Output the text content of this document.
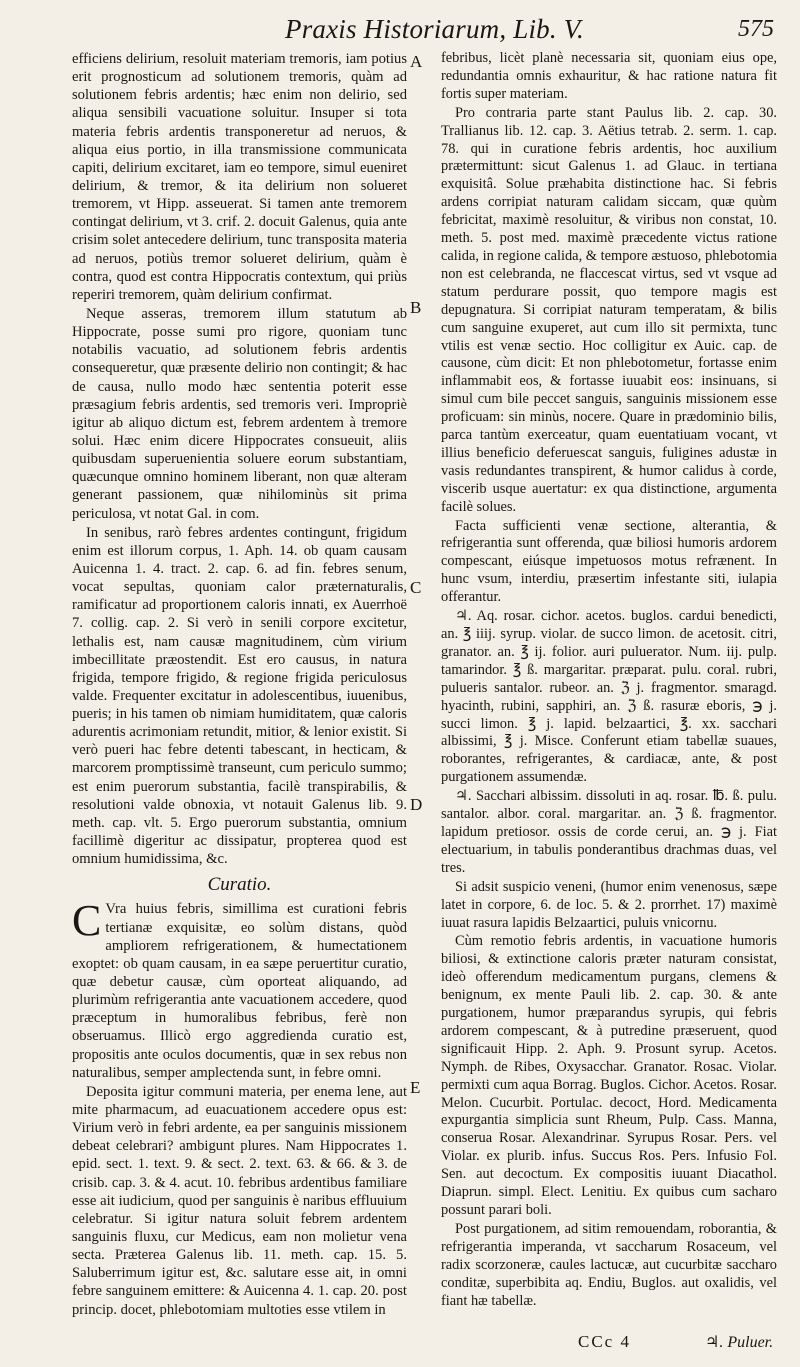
Praxis Historiarum, Lib. V.	575

efficiens delirium, resoluit materiam tremoris, iam potius erit prognosticum ad solutionem tremoris, quàm ad solutionem febris ardentis; hæc enim non delirio, sed aliqua sensibili vacuatione soluitur. Insuper si tota materia febris ardentis transponeretur ad neruos, & aliqua eius portio, in illa transmissione communicata capiti, delirium excitaret, iam eo tempore, simul eueniret delirium, & tremor, & ita delirium non solueret tremorem, vt Hipp. asseuerat. Si tamen ante tremorem contingat delirium, vt 3. crif. 2. docuit Galenus, quia ante crisim solet antecedere delirium, tunc transposita materia ad neruos, potiùs tremor solueret delirium, quàm è contra, quod est contra Hippocratis contextum, qui priùs reperiri tremorem, quàm delirium confirmat.

Neque asseras, tremorem illum statutum ab Hippocrate, posse sumi pro rigore, quoniam tunc notabilis vacuatio, ad solutionem febris ardentis consequeretur, quæ præsente delirio non contingit; & hac de causa, nullo modo hæc sententia poterit esse præsagium febris ardentis, sed tremoris veri. Impropriè igitur ab aliquo dictum est, febrem ardentem à tremore solui. Hæc enim dicere Hippocrates consueuit, aliis quibusdam superuenientia soluere eorum substantiam, quæcunque omnino hominem liberant, non quæ alteram generant passionem, quæ nihilominùs sit prima periculosa, vt notat Gal. in com.

In senibus, rarò febres ardentes contingunt, frigidum enim est illorum corpus, 1. Aph. 14. ob quam causam Auicenna 1. 4. tract. 2. cap. 6. ad fin. febres senum, vocat sepultas, quoniam calor præternaturalis, ramificatur ad proportionem caloris innati, ex Auerrhoë 7. collig. cap. 2. Si verò in senili corpore excitetur, lethalis est, nam causæ magnitudinem, cùm virium imbecillitate præostendit. Est ero causus, in natura frigida, tempore frigido, & regione frigida periculosus valde. Frequenter excitatur in adolescentibus, iuuenibus, pueris; in his tamen ob nimiam humiditatem, quæ caloris adurentis acrimoniam retundit, mitior, & lenior existit. Si verò pueri hac febre detenti tabescant, in hecticam, & marcorem promptissimè transeunt, cum periculo summo; est enim puerorum substantia, facilè transpirabilis, & resolutioni valde obnoxia, vt notauit Galenus lib. 9. meth. cap. vlt. 5. Ergo puerorum substantia, omnium facillimè digeritur ac dissipatur, propterea quod est omnium humidissima, &c.

Curatio.

C Vra huius febris, simillima est curationi febris tertianæ exquisitæ, eo solùm distans, quòd ampliorem refrigerationem, & humectationem exoptet: ob quam causam, in ea sæpe peruertitur curatio, quæ debetur causæ, cùm oporteat aliquando, ad plurimùm refrigerantia ante vacuationem accedere, quod præceptum in humoralibus febribus, ferè non obseruamus. Illicò ergo aggredienda curatio est, propositis ante oculos documentis, quæ in sex rebus non naturalibus, semper amplectenda sunt, in febre omni.

Deposita igitur communi materia, per enema lene, aut mite pharmacum, ad euacuationem accedere opus est: Virium verò in febri ardente, ea per sanguinis missionem debeat celebrari? ambigunt plures. Nam Hippocrates 1. epid. sect. 1. text. 9. & sect. 2. text. 63. & 66. & 3. de crisib. cap. 3. & 4. acut. 10. febribus ardentibus familiare esse ait iudicium, quod per sanguinis è naribus effluuium celebratur. Si igitur natura soluit febrem ardentem sanguinis fluxu, cur Medicus, eam non molietur vena secta. Præterea Galenus lib. 11. meth. cap. 15. 5. Saluberrimum igitur est, &c. salutare esse ait, in omni febre sanguinem emittere: & Auicenna 4. 1. cap. 20. post princip. docet, phlebotomiam multoties esse vtilem in

A
B
C
D
E

febribus, licèt planè necessaria sit, quoniam eius ope, redundantia omnis exhauritur, & hac ratione natura fit fortis super materiam.

Pro contraria parte stant Paulus lib. 2. cap. 30. Trallianus lib. 12. cap. 3. Aëtius tetrab. 2. serm. 1. cap. 78. qui in curatione febris ardentis, hoc auxilium prætermittunt: sicut Galenus 1. ad Glauc. in tertiana exquisitâ. Solue præhabita distinctione hac. Si febris ardens corripiat naturam calidam siccam, quæ quùm febricitat, maximè resoluitur, & viribus non constat, 10. meth. 5. post med. maximè præcedente victus ratione calida, in regione calida, & tempore æstuoso, phlebotomia non est celebranda, ne flaccescat virtus, sed vt vsque ad statum perdurare possit, quo tempore magis est depugnatura. Si corripiat naturam temperatam, & bilis cum sanguine exuperet, aut cum illo sit permixta, tunc vtilis est venæ sectio. Hoc colligitur ex Auic. cap. de causone, cùm dicit: Et non phlebotometur, fortasse enim inflammabit eos, & fortasse iuuabit eos: insinuans, si simul cum bile peccet sanguis, sanguinis missionem esse proficuam: sin minùs, nocere. Quare in prædominio bilis, parca tantùm exerceatur, quam euentatiuam vocant, vt illius beneficio deferuescat sanguis, fuligines adustæ in vasis redundantes transpirent, & humor calidus à corde, viscerib usque auertatur: ex qua distinctione, argumenta facilè solues.

Facta sufficienti venæ sectione, alterantia, & refrigerantia sunt offerenda, quæ biliosi humoris ardorem compescant, eiúsque impetuosos motus refrænent. In hunc vsum, interdiu, præsertim infestante siti, iulapia offerantur.

♃. Aq. rosar. cichor. acetos. buglos. cardui benedicti, an. ℥ iiij. syrup. violar. de succo limon. de acetosit. citri, granator. an. ℥ ij. folior. auri puluerator. Num. iij. pulp. tamarindor. ℥ ß. margaritar. præparat. pulu. coral. rubri, pulueris santalor. rubeor. an. ℨ j. fragmentor. smaragd. hyacinth, rubini, sapphiri, an. ℨ ß. rasuræ eboris, ℈ j. succi limon. ℥ j. lapid. belzaartici, ℥. xx. sacchari albissimi, ℥ j. Misce. Conferunt etiam tabellæ suaues, roborantes, refrigerantes, & cardiacæ, ante, & post purgationem assumendæ.

♃. Sacchari albissim. dissoluti in aq. rosar. ℔. ß. pulu. santalor. albor. coral. margaritar. an. ℨ ß. fragmentor. lapidum pretiosor. ossis de corde cerui, an. ℈ j. Fiat electuarium, in tabulis ponderantibus drachmas duas, vel tres.

Si adsit suspicio veneni, (humor enim venenosus, sæpe latet in corpore, 6. de loc. 5. & 2. prorrhet. 17) maximè iuuat rasura lapidis Belzaartici, puluis vnicornu.

Cùm remotio febris ardentis, in vacuatione humoris biliosi, & extinctione caloris præter naturam consistat, ideò offerendum medicamentum purgans, clemens & benignum, ex mente Pauli lib. 2. cap. 30. & ante purgationem, humor præparandus syrupis, qui febris ardorem compescant, & à putredine præseruent, quod significauit Hipp. 2. Aph. 9. Prosunt syrup. Acetos. Nymph. de Ribes, Oxysacchar. Granator. Rosac. Violar. permixti cum aqua Borrag. Buglos. Cichor. Acetos. Rosar. Melon. Cucurbit. Portulac. decoct, Hord. Medicamenta expurgantia simplicia sunt Rheum, Pulp. Cass. Manna, conserua Rosar. Alexandrinar. Syrupus Rosar. Pers. vel Violar. ex plurib. infus. Succus Ros. Pers. Infusio Fol. Sen. aut decoctum. Ex compositis iuuant Diacathol. Diaprun. simpl. Elect. Lenitiu. Ex quibus cum sacharo possunt parari boli.

Post purgationem, ad sitim remouendam, roborantia, & refrigerantia imperanda, vt saccharum Rosaceum, vel radix scorzoneræ, caules lactucæ, aut cucurbitæ saccharo conditæ, superbibita aq. Endiu, Buglos. aut oxalidis, vel fiant hæ tabellæ.

CCc 4	♃. Puluer.
